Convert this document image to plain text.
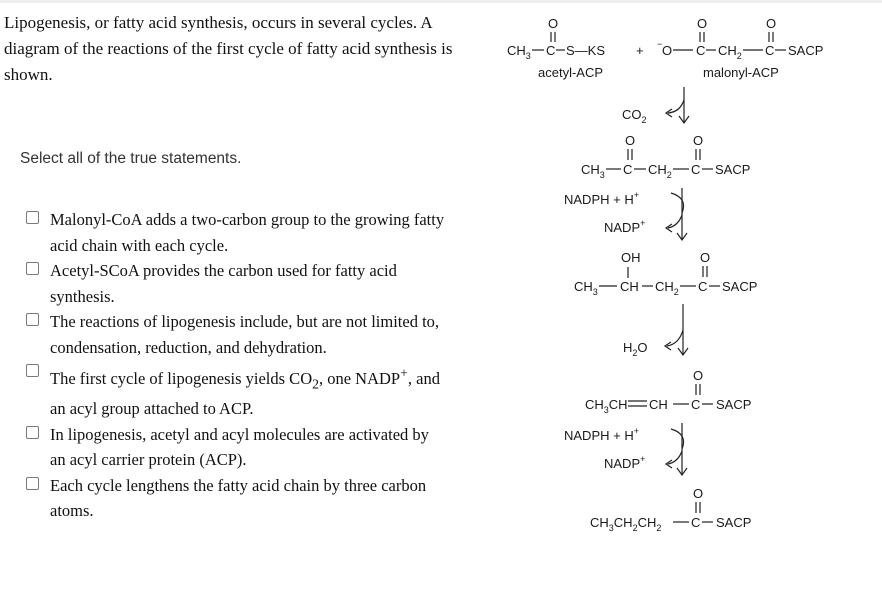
Lipogenesis, or fatty acid synthesis, occurs in several cycles. A diagram of the reactions of the first cycle of fatty acid synthesis is shown.
Select all of the true statements.
Malonyl-CoA adds a two-carbon group to the growing fatty acid chain with each cycle.
Acetyl-SCoA provides the carbon used for fatty acid synthesis.
The reactions of lipogenesis include, but are not limited to, condensation, reduction, and dehydration.
The first cycle of lipogenesis yields $CO_2$, one NADP+, and an acyl group attached to ACP.
In lipogenesis, acetyl and acyl molecules are activated by an acyl carrier protein (ACP).
Each cycle lengthens the fatty acid chain by three carbon atoms.
$CH_3$ C
O
S—KS
acetyl-ACP
+ − O C
O
$CH_2$ C
O
SACP
malonyl-ACP
$CO_2$
$CH_3$ C
O
$CH_2$ C
O
SACP
NADPH + H+
NADP+
OH
$CH_3$ CH $CH_2$ C
O
SACP
$H_2O$
$CH_3CH$ CH C
O
SACP
NADPH + H+
NADP+
$CH_3CH_2CH_2$ C
O
SACP
